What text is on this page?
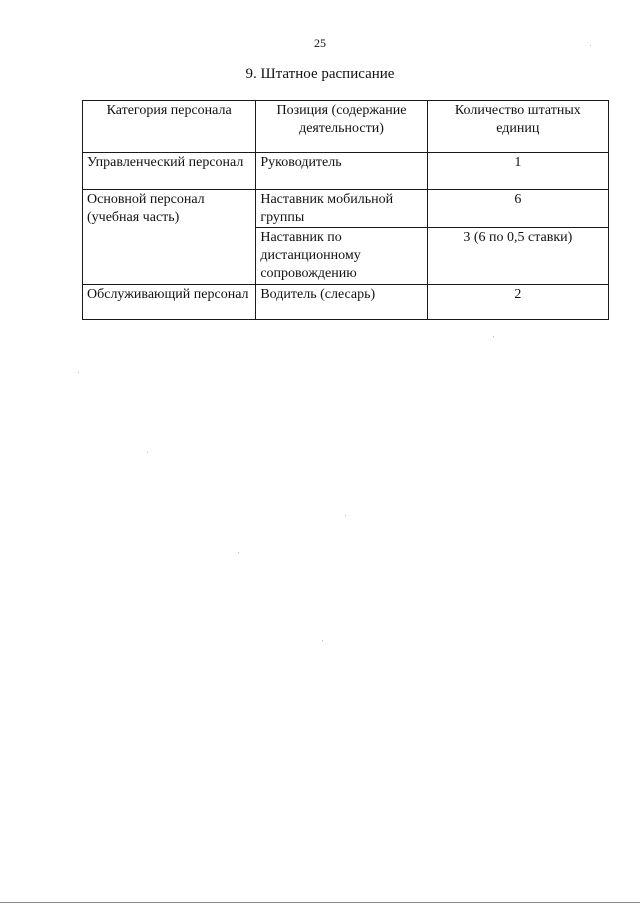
25
9. Штатное расписание
Категория персонала	Позиция (содержание деятельности)	Количество штатных единиц
Управленческий персонал	Руководитель	1
Основной персонал (учебная часть)	Наставник мобильной группы	6
	Наставник по дистанционному сопровождению	3 (6 по 0,5 ставки)
Обслуживающий персонал	Водитель (слесарь)	2
